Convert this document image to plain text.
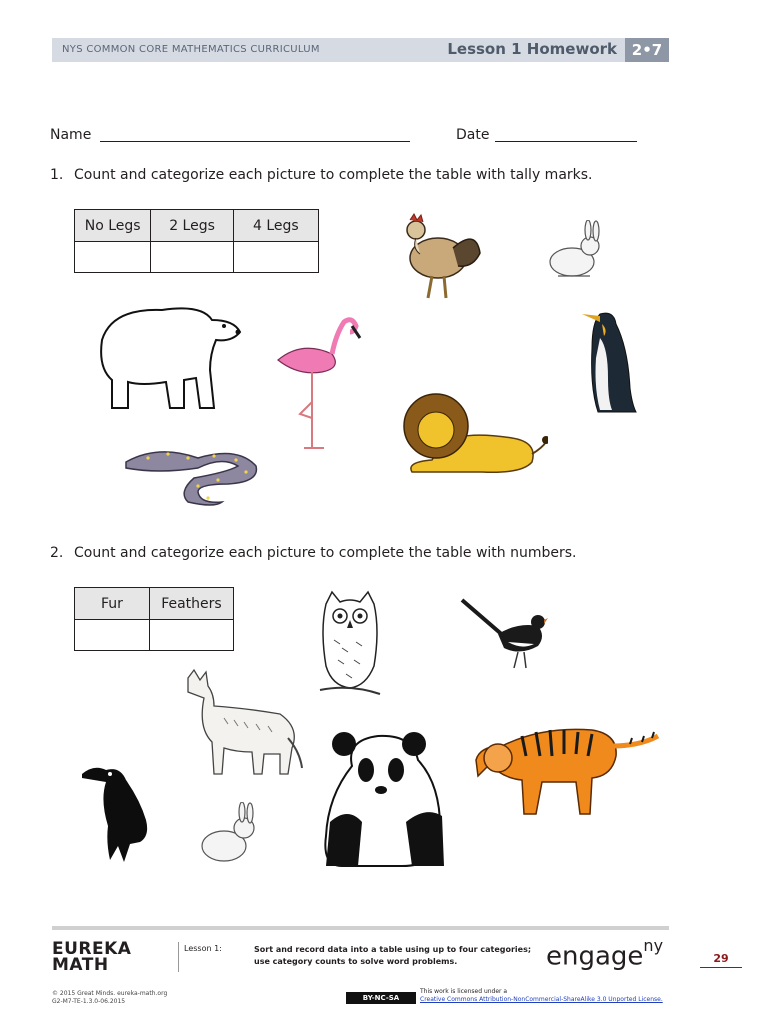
NYS COMMON CORE MATHEMATICS CURRICULUM	Lesson 1 Homework 2•7
Name	Date
1. Count and categorize each picture to complete the table with tally marks.
No Legs	2 Legs	4 Legs

2. Count and categorize each picture to complete the table with numbers.
Fur	Feathers

EUREKA
MATH
© 2015 Great Minds. eureka-math.org
G2-M7-TE-1.3.0-06.2015
Lesson 1:	Sort and record data into a table using up to four categories; use category counts to solve word problems.	engage$^{ny}$
29
BY-NC-SA
This work is licensed under a
Creative Commons Attribution-NonCommercial-ShareAlike 3.0 Unported License.
